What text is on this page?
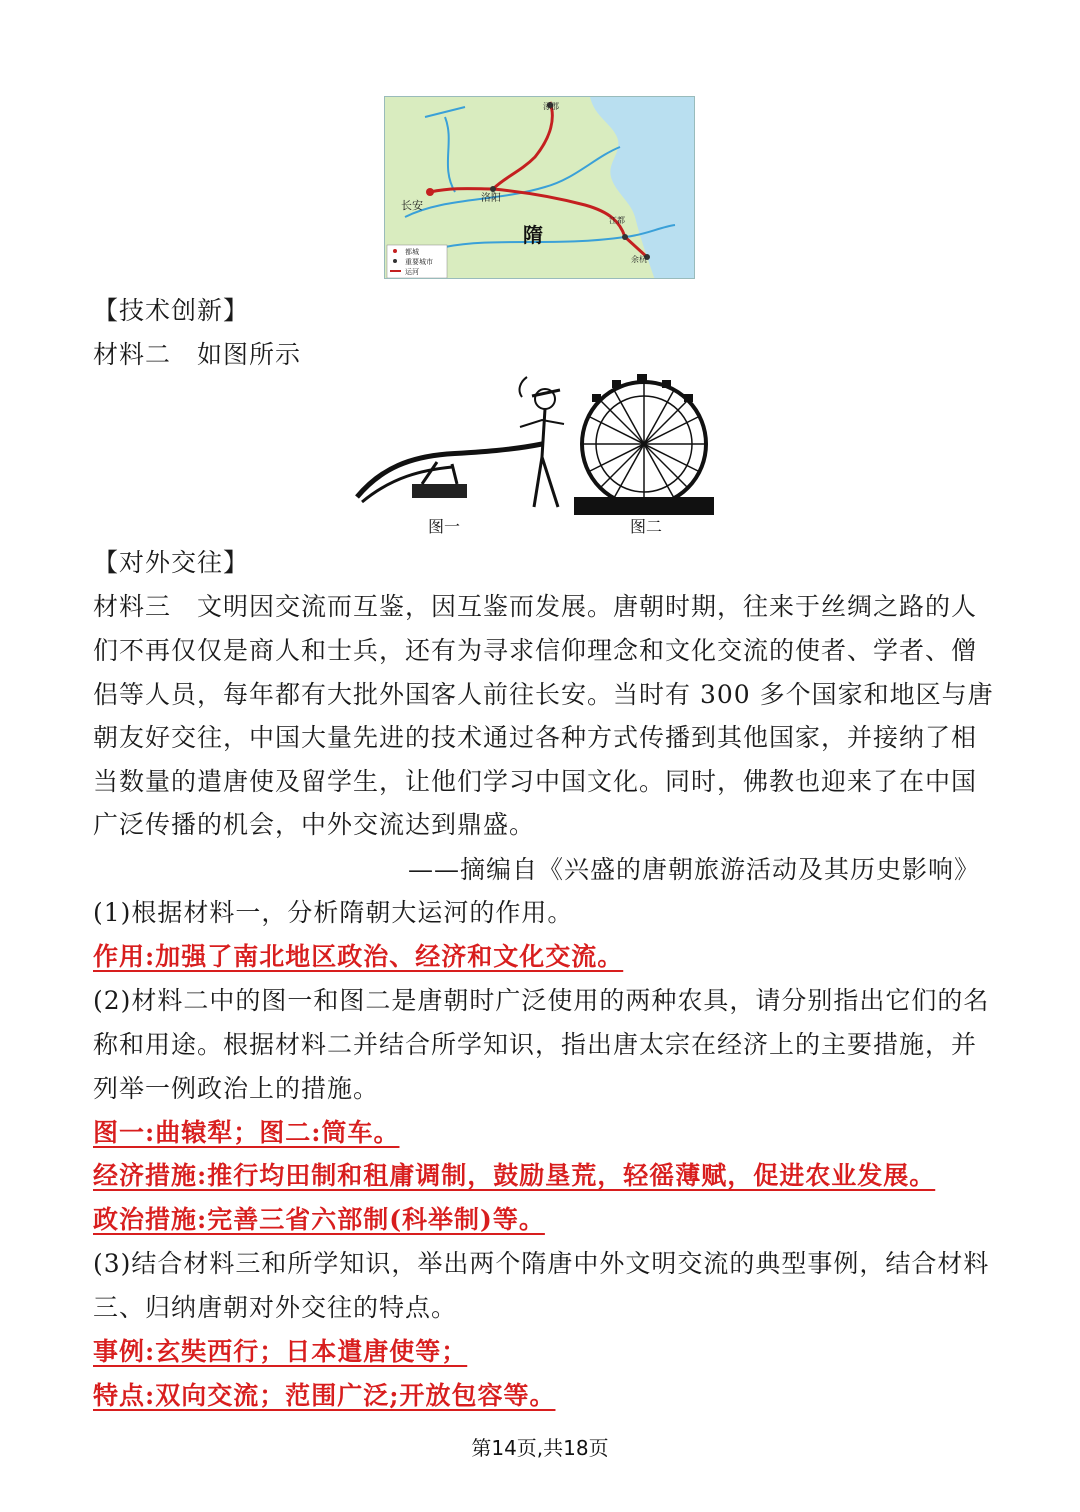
长安
洛阳
隋
涿郡
余杭
江都
都城
重要城市
运河
图一	图二
【技术创新】
材料二　如图所示
【对外交往】
材料三　文明因交流而互鉴，因互鉴而发展。唐朝时期，往来于丝绸之路的人
们不再仅仅是商人和士兵，还有为寻求信仰理念和文化交流的使者、学者、僧
侣等人员，每年都有大批外国客人前往长安。当时有 300 多个国家和地区与唐
朝友好交往，中国大量先进的技术通过各种方式传播到其他国家，并接纳了相
当数量的遣唐使及留学生，让他们学习中国文化。同时，佛教也迎来了在中国
广泛传播的机会，中外交流达到鼎盛。
——摘编自《兴盛的唐朝旅游活动及其历史影响》
(1)根据材料一，分析隋朝大运河的作用。
作用:加强了南北地区政治、经济和文化交流。
(2)材料二中的图一和图二是唐朝时广泛使用的两种农具，请分别指出它们的名
称和用途。根据材料二并结合所学知识，指出唐太宗在经济上的主要措施，并
列举一例政治上的措施。
图一:曲辕犁；图二:筒车。
经济措施:推行均田制和租庸调制，鼓励垦荒，轻徭薄赋，促进农业发展。
政治措施:完善三省六部制(科举制)等。
(3)结合材料三和所学知识，举出两个隋唐中外文明交流的典型事例，结合材料
三、归纳唐朝对外交往的特点。
事例:玄奘西行；日本遣唐使等；
特点:双向交流；范围广泛;开放包容等。
第14页,共18页
